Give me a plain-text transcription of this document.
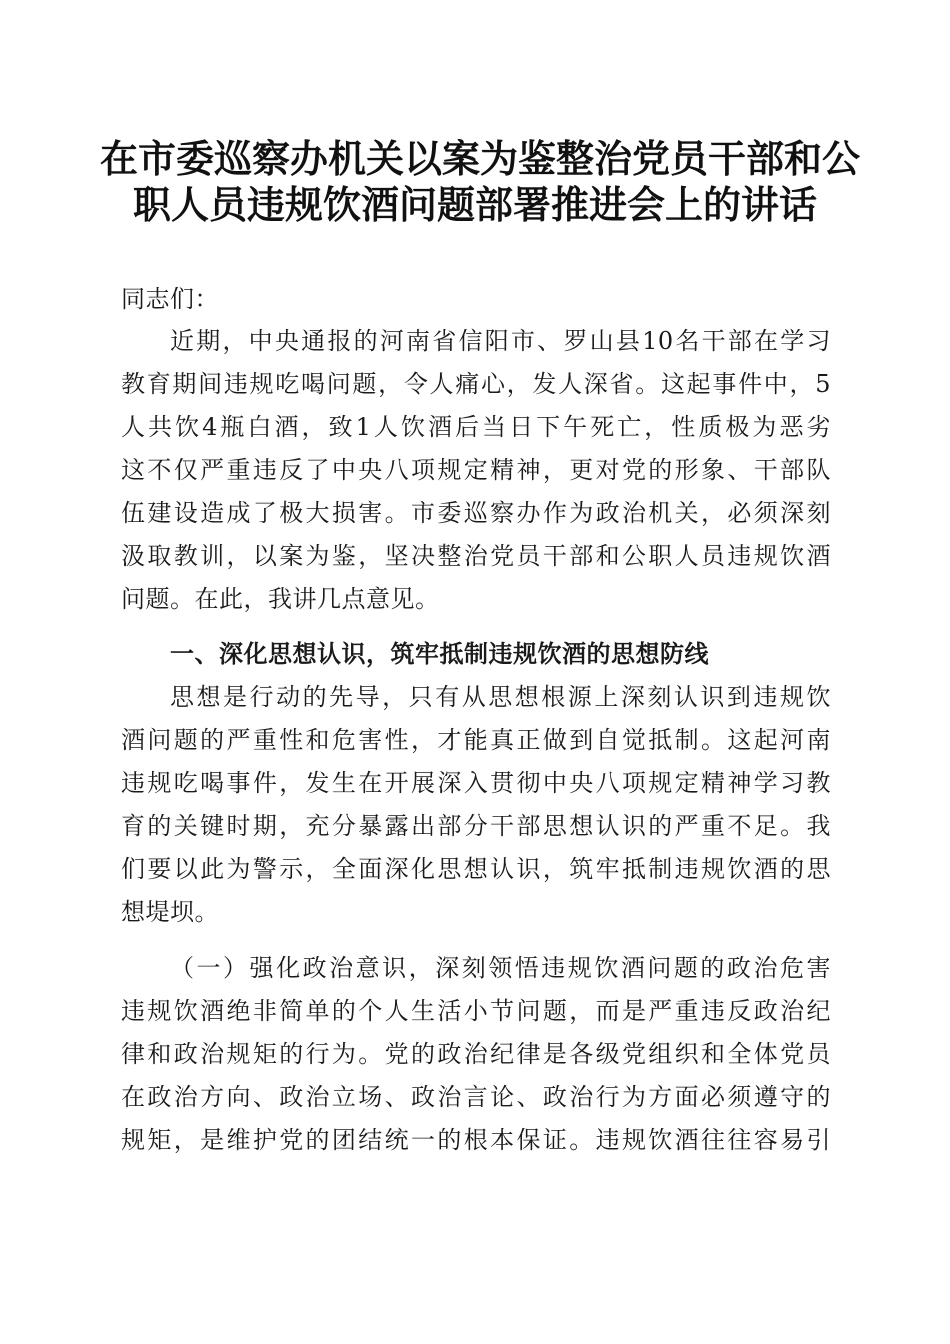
在市委巡察办机关以案为鉴整治党员干部和公
职人员违规饮酒问题部署推进会上的讲话
同志们：
近期，中央通报的河南省信阳市、罗山县10名干部在学习
教育期间违规吃喝问题，令人痛心，发人深省。这起事件中，5
人共饮4瓶白酒，致1人饮酒后当日下午死亡，性质极为恶劣
这不仅严重违反了中央八项规定精神，更对党的形象、干部队
伍建设造成了极大损害。市委巡察办作为政治机关，必须深刻
汲取教训，以案为鉴，坚决整治党员干部和公职人员违规饮酒
问题。在此，我讲几点意见。
一、深化思想认识，筑牢抵制违规饮酒的思想防线
思想是行动的先导，只有从思想根源上深刻认识到违规饮
酒问题的严重性和危害性，才能真正做到自觉抵制。这起河南
违规吃喝事件，发生在开展深入贯彻中央八项规定精神学习教
育的关键时期，充分暴露出部分干部思想认识的严重不足。我
们要以此为警示，全面深化思想认识，筑牢抵制违规饮酒的思
想堤坝。
（一）强化政治意识，深刻领悟违规饮酒问题的政治危害
违规饮酒绝非简单的个人生活小节问题，而是严重违反政治纪
律和政治规矩的行为。党的政治纪律是各级党组织和全体党员
在政治方向、政治立场、政治言论、政治行为方面必须遵守的
规矩，是维护党的团结统一的根本保证。违规饮酒往往容易引
